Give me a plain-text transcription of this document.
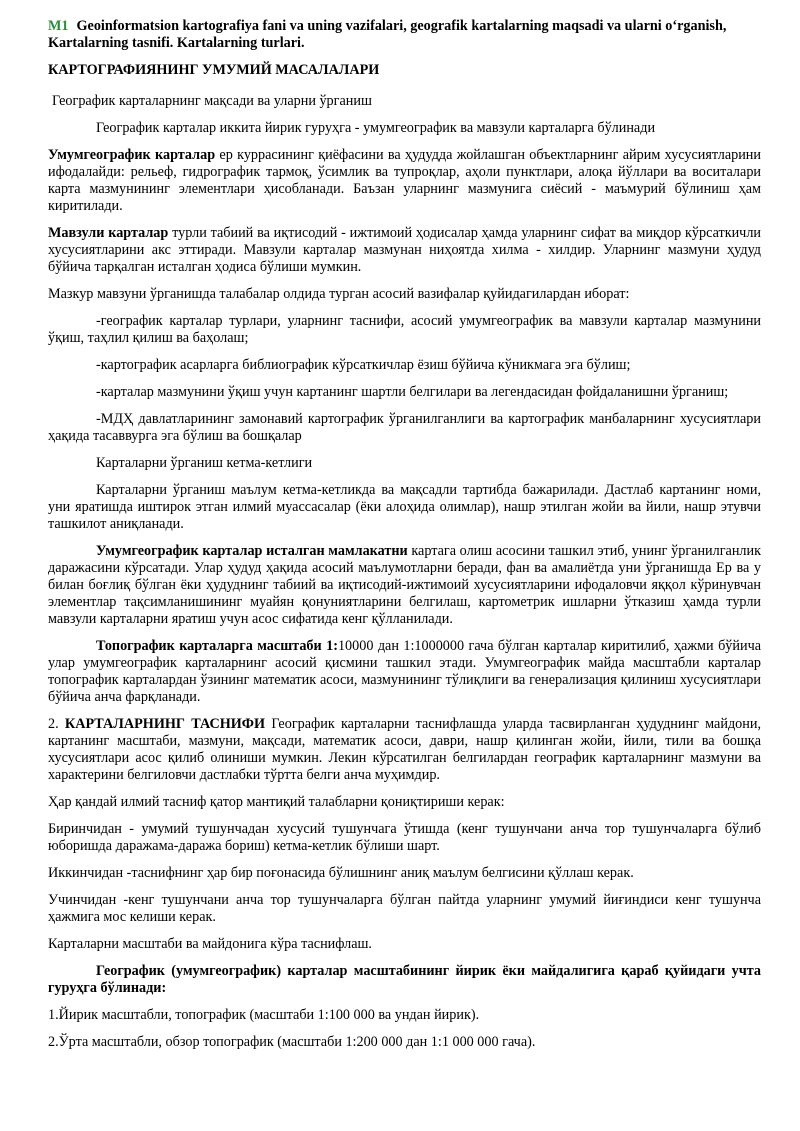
M1 Geoinformatsion kartografiya fani va uning vazifalari, geografik kartalarning maqsadi va ularni oʻrganish, Kartalarning tasnifi. Kartalarning turlari.

КАРТОГРАФИЯНИНГ УМУМИЙ МАСАЛАЛАРИ

Географик карталарнинг мақсади ва уларни ўрганиш

Географик карталар иккита йирик гуруҳга - умумгеографик ва мавзули карталарга бўлинади

Умумгеографик карталар ер куррасининг қиёфасини ва ҳудудда жойлашган объектларнинг айрим хусусиятларини ифодалайди: рельеф, гидрографик тармоқ, ўсимлик ва тупроқлар, аҳоли пунктлари, алоқа йўллари ва воситалари карта мазмунининг элементлари ҳисобланади. Баъзан уларнинг мазмунига сиёсий - маъмурий бўлиниш ҳам киритилади.

Мавзули карталар турли табиий ва иқтисодий - ижтимоий ҳодисалар ҳамда уларнинг сифат ва миқдор кўрсаткичли хусусиятларини акс эттиради. Мавзули карталар мазмунан ниҳоятда хилма - хилдир. Уларнинг мазмуни ҳудуд бўйича тарқалган исталган ҳодиса бўлиши мумкин.

Мазкур мавзуни ўрганишда талабалар олдида турган асосий вазифалар қуйидагилардан иборат:

-географик карталар турлари, уларнинг таснифи, асосий умумгеографик ва мавзули карталар мазмунини ўқиш, таҳлил қилиш ва баҳолаш;

-картографик асарларга библиографик кўрсаткичлар ёзиш бўйича кўникмага эга бўлиш;

-карталар мазмунини ўқиш учун картанинг шартли белгилари ва легендасидан фойдаланишни ўрганиш;

-МДҲ давлатларининг замонавий картографик ўрганилганлиги ва картографик манбаларнинг хусусиятлари ҳақида тасаввурга эга бўлиш ва бошқалар

Карталарни ўрганиш кетма-кетлиги

Карталарни ўрганиш маълум кетма-кетликда ва мақсадли тартибда бажарилади. Дастлаб картанинг номи, уни яратишда иштирок этган илмий муассасалар (ёки алоҳида олимлар), нашр этилган жойи ва йили, нашр этувчи ташкилот аниқланади.

Умумгеографик карталар исталган мамлакатни картага олиш асосини ташкил этиб, унинг ўрганилганлик даражасини кўрсатади. Улар ҳудуд ҳақида асосий маълумотларни беради, фан ва амалиётда уни ўрганишда Ер ва у билан боғлиқ бўлган ёки ҳудуднинг табиий ва иқтисодий-ижтимоий хусусиятларини ифодаловчи яққол кўринувчан элементлар тақсимланишининг муайян қонуниятларини белгилаш, картометрик ишларни ўтказиш ҳамда турли мавзули карталарни яратиш учун асос сифатида кенг қўлланилади.

Топографик карталарга масштаби 1:10000 дан 1:1000000 гача бўлган карталар киритилиб, ҳажми бўйича улар умумгеографик карталарнинг асосий қисмини ташкил этади. Умумгеографик майда масштабли карталар топографик карталардан ўзининг математик асоси, мазмунининг тўлиқлиги ва генерализация қилиниш хусусиятлари бўйича анча фарқланади.

2. КАРТАЛАРНИНГ ТАСНИФИ Географик карталарни таснифлашда уларда тасвирланган ҳудуднинг майдони, картанинг масштаби, мазмуни, мақсади, математик асоси, даври, нашр қилинган жойи, йили, тили ва бошқа хусусиятлари асос қилиб олиниши мумкин. Лекин кўрсатилган белгилардан географик карталарнинг мазмуни ва характерини белгиловчи дастлабки тўртта белги анча муҳимдир.

Ҳар қандай илмий тасниф қатор мантиқий талабларни қониқтириши керак:

Биринчидан - умумий тушунчадан хусусий тушунчага ўтишда (кенг тушунчани анча тор тушунчаларга бўлиб юборишда даражама-даража бориш) кетма-кетлик бўлиши шарт.

Иккинчидан -таснифнинг ҳар бир поғонасида бўлишнинг аниқ маълум белгисини қўллаш керак.

Учинчидан -кенг тушунчани анча тор тушунчаларга бўлган пайтда уларнинг умумий йиғиндиси кенг тушунча ҳажмига мос келиши керак.

Карталарни масштаби ва майдонига кўра таснифлаш.

Географик (умумгеографик) карталар масштабининг йирик ёки майдалигига қараб қуйидаги учта гуруҳга бўлинади:

1.Йирик масштабли, топографик (масштаби 1:100 000 ва ундан йирик).

2.Ўрта масштабли, обзор топографик (масштаби 1:200 000 дан 1:1 000 000 гача).
